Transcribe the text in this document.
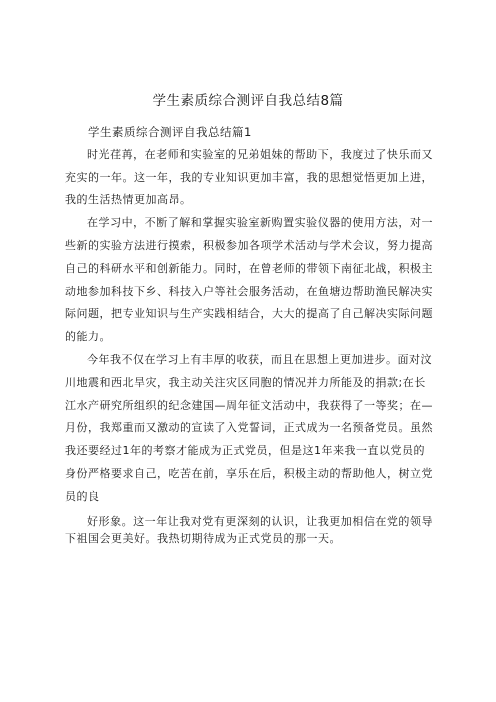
学生素质综合测评自我总结8篇

学生素质综合测评自我总结篇1

时光荏苒，在老师和实验室的兄弟姐妹的帮助下，我度过了快乐而又充实的一年。这一年，我的专业知识更加丰富，我的思想觉悟更加上进，我的生活热情更加高昂。

在学习中，不断了解和掌握实验室新购置实验仪器的使用方法，对一些新的实验方法进行摸索，积极参加各项学术活动与学术会议，努力提高自己的科研水平和创新能力。同时，在曾老师的带领下南征北战，积极主动地参加科技下乡、科技入户等社会服务活动，在鱼塘边帮助渔民解决实际问题，把专业知识与生产实践相结合，大大的提高了自己解决实际问题的能力。

今年我不仅在学习上有丰厚的收获，而且在思想上更加进步。面对汶川地震和西北旱灾，我主动关注灾区同胞的情况并力所能及的捐款;在长江水产研究所组织的纪念建国—周年征文活动中，我获得了一等奖；在—月份，我郑重而又激动的宣读了入党誓词，正式成为一名预备党员。虽然我还要经过1年的考察才能成为正式党员，但是这1年来我一直以党员的身份严格要求自己，吃苦在前，享乐在后，积极主动的帮助他人，树立党员的良

好形象。这一年让我对党有更深刻的认识，让我更加相信在党的领导下祖国会更美好。我热切期待成为正式党员的那一天。
